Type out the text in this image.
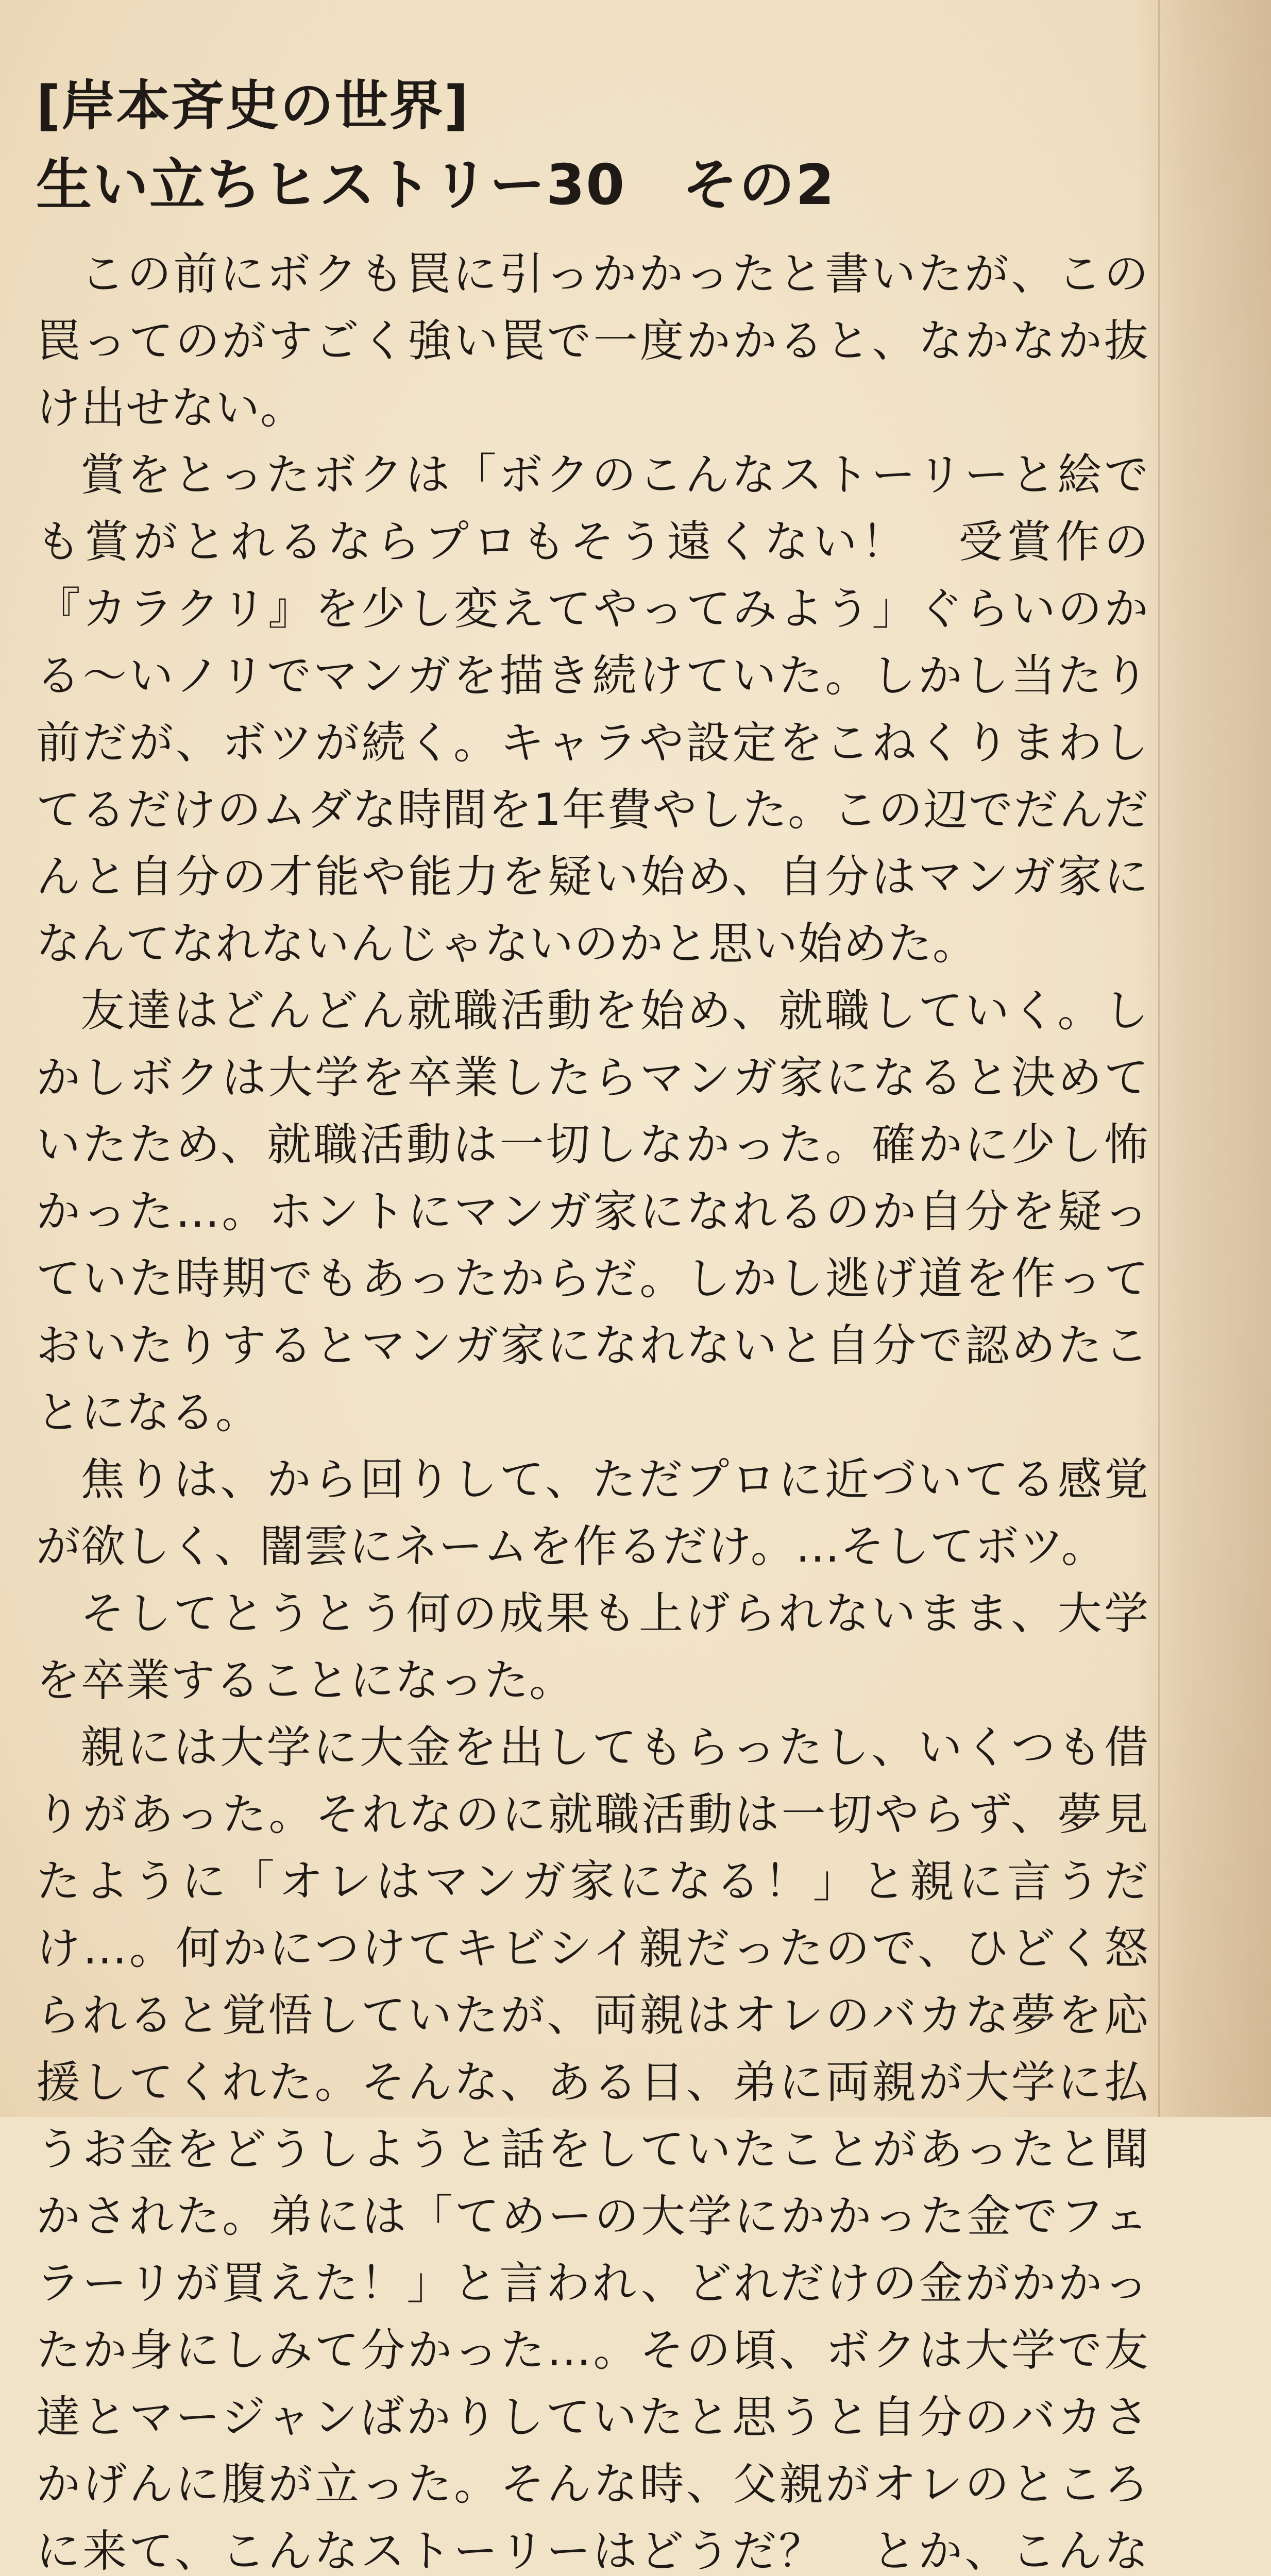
[岸本斉史の世界]
生い立ちヒストリー30　その2

この前にボクも罠に引っかかったと書いたが、この罠ってのがすごく強い罠で一度かかると、なかなか抜け出せない。

賞をとったボクは「ボクのこんなストーリーと絵でも賞がとれるならプロもそう遠くない！　受賞作の『カラクリ』を少し変えてやってみよう」ぐらいのかる〜いノリでマンガを描き続けていた。しかし当たり前だが、ボツが続く。キャラや設定をこねくりまわしてるだけのムダな時間を1年費やした。この辺でだんだんと自分の才能や能力を疑い始め、自分はマンガ家になんてなれないんじゃないのかと思い始めた。

友達はどんどん就職活動を始め、就職していく。しかしボクは大学を卒業したらマンガ家になると決めていたため、就職活動は一切しなかった。確かに少し怖かった…。ホントにマンガ家になれるのか自分を疑っていた時期でもあったからだ。しかし逃げ道を作っておいたりするとマンガ家になれないと自分で認めたことになる。

焦りは、から回りして、ただプロに近づいてる感覚が欲しく、闇雲にネームを作るだけ。…そしてボツ。

そしてとうとう何の成果も上げられないまま、大学を卒業することになった。

親には大学に大金を出してもらったし、いくつも借りがあった。それなのに就職活動は一切やらず、夢見たように「オレはマンガ家になる！」と親に言うだけ…。何かにつけてキビシイ親だったので、ひどく怒られると覚悟していたが、両親はオレのバカな夢を応援してくれた。そんな、ある日、弟に両親が大学に払うお金をどうしようと話をしていたことがあったと聞かされた。弟には「てめーの大学にかかった金でフェラーリが買えた！」と言われ、どれだけの金がかかったか身にしみて分かった…。その頃、ボクは大学で友達とマージャンばかりしていたと思うと自分のバカさかげんに腹が立った。そんな時、父親がオレのところに来て、こんなストーリーはどうだ？　とか、こんな　　
